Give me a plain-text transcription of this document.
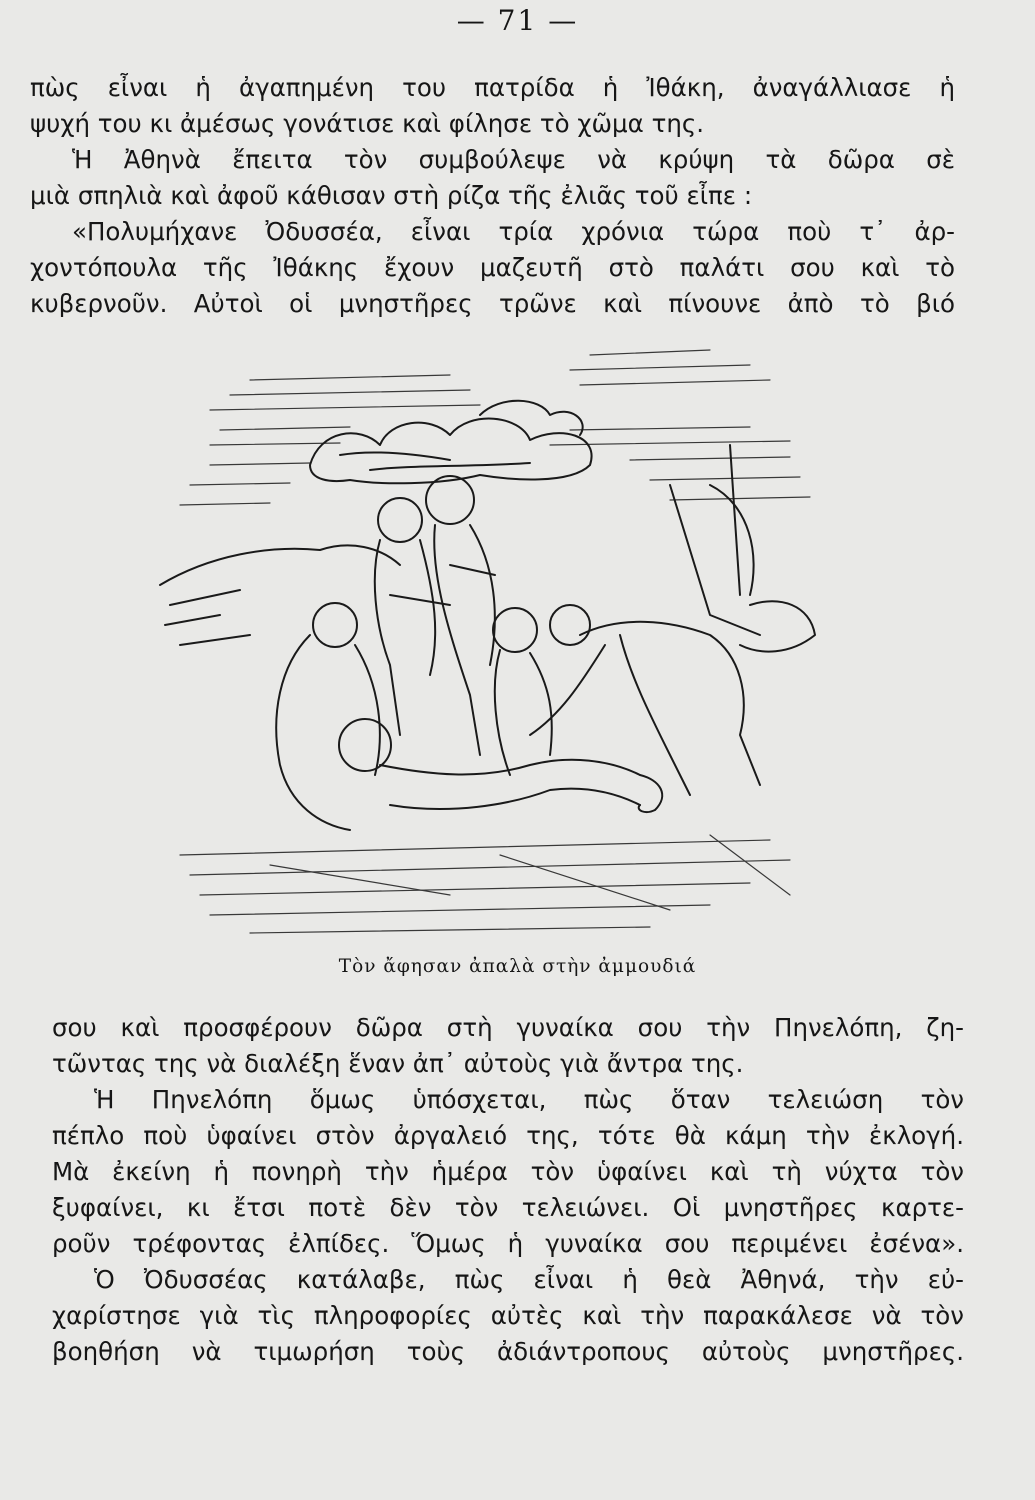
— 71 —

πὼς εἶναι ἡ ἀγαπημένη του πατρίδα ἡ Ἰθάκη, ἀναγάλλιασε ἡ
ψυχή του κι ἀμέσως γονάτισε καὶ φίλησε τὸ χῶμα της.

Ἡ Ἀθηνὰ ἔπειτα τὸν συμβούλεψε νὰ κρύψη τὰ δῶρα σὲ
μιὰ σπηλιὰ καὶ ἀφοῦ κάθισαν στὴ ρίζα τῆς ἐλιᾶς τοῦ εἶπε :

«Πολυμήχανε Ὀδυσσέα, εἶναι τρία χρόνια τώρα ποὺ τ᾽ ἀρ-
χοντόπουλα τῆς Ἰθάκης ἔχουν μαζευτῆ στὸ παλάτι σου καὶ τὸ
κυβερνοῦν. Αὐτοὶ οἱ μνηστῆρες τρῶνε καὶ πίνουνε ἀπὸ τὸ βιό

Τὸν ἄφησαν ἀπαλὰ στὴν ἀμμουδιά

σου καὶ προσφέρουν δῶρα στὴ γυναίκα σου τὴν Πηνελόπη, ζη-
τῶντας της νὰ διαλέξη ἕναν ἀπ᾽ αὐτοὺς γιὰ ἄντρα της.

Ἡ Πηνελόπη ὅμως ὑπόσχεται, πὼς ὅταν τελειώση τὸν
πέπλο ποὺ ὑφαίνει στὸν ἀργαλειό της, τότε θὰ κάμη τὴν ἐκλογή.
Μὰ ἐκείνη ἡ πονηρὴ τὴν ἡμέρα τὸν ὑφαίνει καὶ τὴ νύχτα τὸν
ξυφαίνει, κι ἔτσι ποτὲ δὲν τὸν τελειώνει. Οἱ μνηστῆρες καρτε-
ροῦν τρέφοντας ἐλπίδες. Ὅμως ἡ γυναίκα σου περιμένει ἐσένα».

Ὁ Ὀδυσσέας κατάλαβε, πὼς εἶναι ἡ θεὰ Ἀθηνά, τὴν εὐ-
χαρίστησε γιὰ τὶς πληροφορίες αὐτὲς καὶ τὴν παρακάλεσε νὰ τὸν
βοηθήση νὰ τιμωρήση τοὺς ἀδιάντροπους αὐτοὺς μνηστῆρες.
